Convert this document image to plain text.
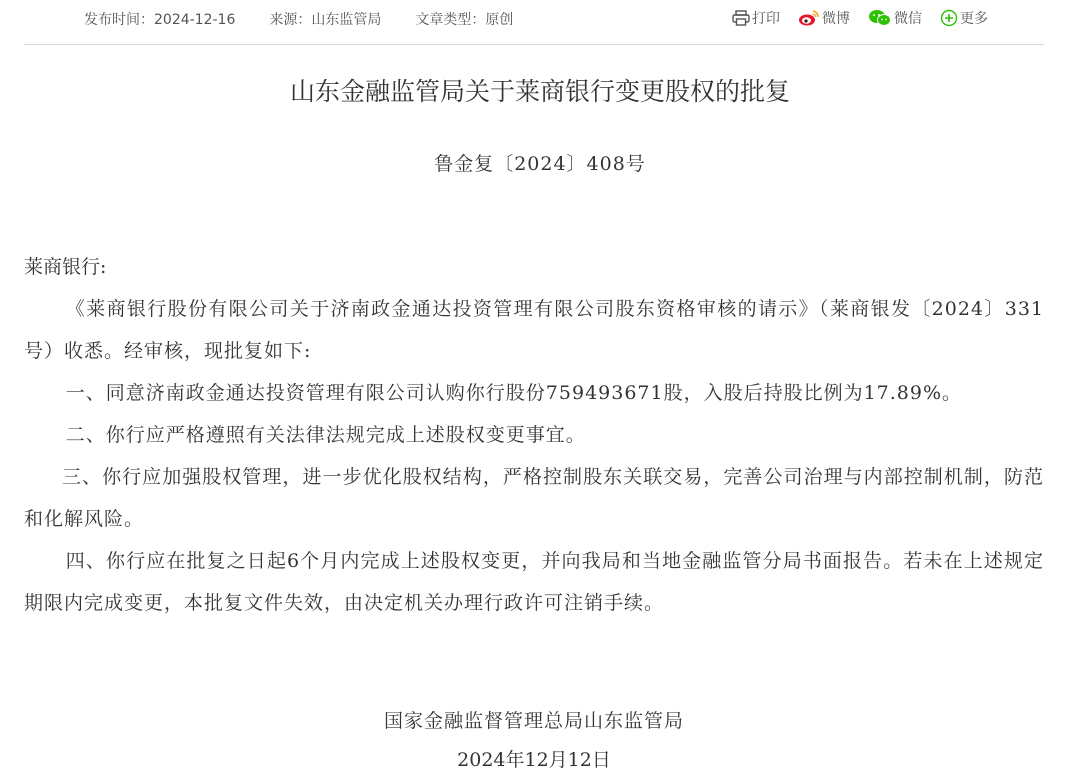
发布时间：2024-12-16 来源：山东监管局 文章类型：原创	打印	微博	微信	更多
山东金融监管局关于莱商银行变更股权的批复
鲁金复〔2024〕408号

莱商银行:

《莱商银行股份有限公司关于济南政金通达投资管理有限公司股东资格审核的请示》（莱商银发〔2024〕331号）收悉。经审核，现批复如下:

一、同意济南政金通达投资管理有限公司认购你行股份759493671股，入股后持股比例为17.89%。

二、你行应严格遵照有关法律法规完成上述股权变更事宜。

三、你行应加强股权管理，进一步优化股权结构，严格控制股东关联交易，完善公司治理与内部控制机制，防范和化解风险。

四、你行应在批复之日起6个月内完成上述股权变更，并向我局和当地金融监管分局书面报告。若未在上述规定期限内完成变更，本批复文件失效，由决定机关办理行政许可注销手续。

国家金融监督管理总局山东监管局
2024年12月12日
